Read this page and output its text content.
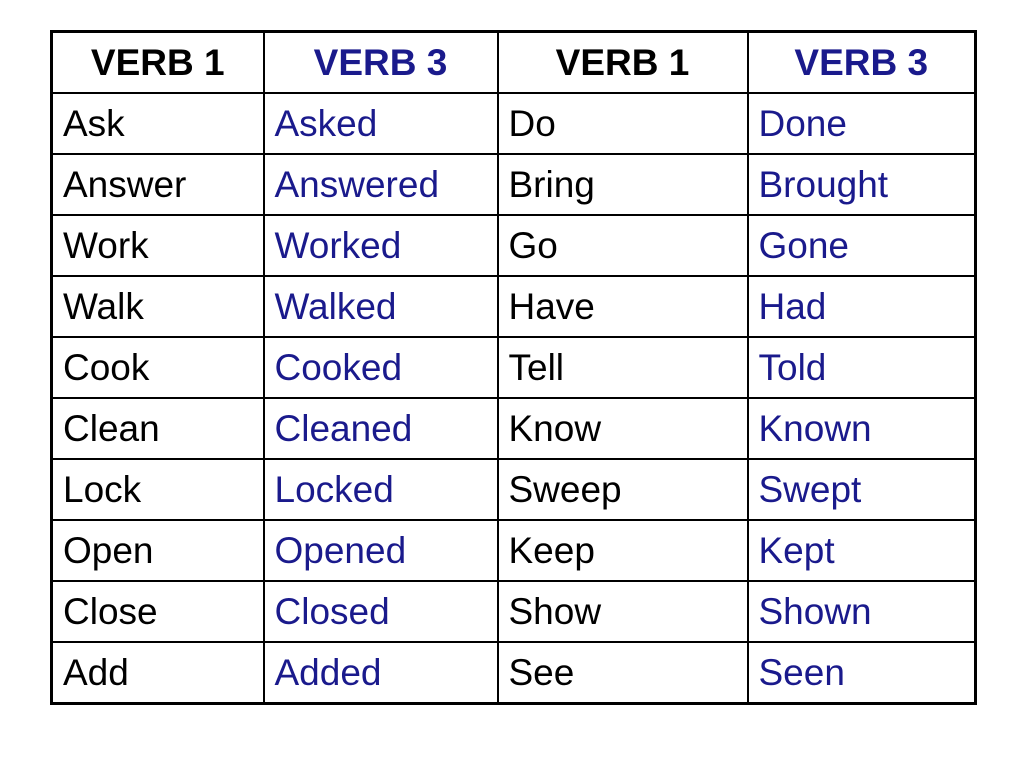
VERB 1	VERB 3	VERB 1	VERB 3
Ask	Asked	Do	Done
Answer	Answered	Bring	Brought
Work	Worked	Go	Gone
Walk	Walked	Have	Had
Cook	Cooked	Tell	Told
Clean	Cleaned	Know	Known
Lock	Locked	Sweep	Swept
Open	Opened	Keep	Kept
Close	Closed	Show	Shown
Add	Added	See	Seen
